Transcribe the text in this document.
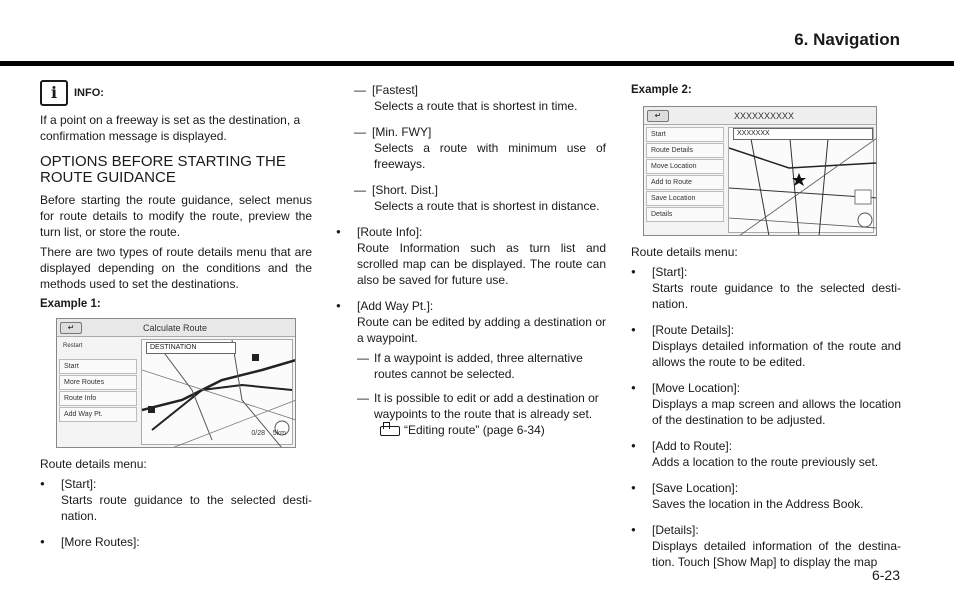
6. Navigation
i	INFO:

If a point on a freeway is set as the destination, a confirmation message is displayed.

OPTIONS BEFORE STARTING THE ROUTE GUIDANCE

Before starting the route guidance, select menus for route details to modify the route, preview the turn list, or store the route.

There are two types of route details menu that are displayed depending on the conditions and the methods used to set the destinations.

Example 1:
↵	Calculate Route
Restart
Start
More Routes
Route Info
Add Way Pt.
DESTINATION
0/28 5km

Route details menu:

● [Start]:

Starts route guidance to the selected desti-nation.

● [More Routes]:
— [Fastest]

Selects a route that is shortest in time.

— [Min. FWY]

Selects a route with minimum use of freeways.

— [Short. Dist.]

Selects a route that is shortest in distance.

● [Route Info]:

Route Information such as turn list and scrolled map can be displayed. The route can also be saved for future use.

● [Add Way Pt.]:

Route can be edited by adding a destination or a waypoint.

— If a waypoint is added, three alternative routes cannot be selected.
— It is possible to edit or add a destination or waypoints to the route that is already set.
“Editing route” (page 6-34)
Example 2:
↵	XXXXXXXXXX
Start
Route Details
Move Location
Add to Route
Save Location
Details
XXXXXXX

Route details menu:

● [Start]:

Starts route guidance to the selected desti-nation.

● [Route Details]:

Displays detailed information of the route and allows the route to be edited.

● [Move Location]:

Displays a map screen and allows the location of the destination to be adjusted.

● [Add to Route]:

Adds a location to the route previously set.

● [Save Location]:

Saves the location in the Address Book.

● [Details]:

Displays detailed information of the destina-tion. Touch [Show Map] to display the map

6-23
